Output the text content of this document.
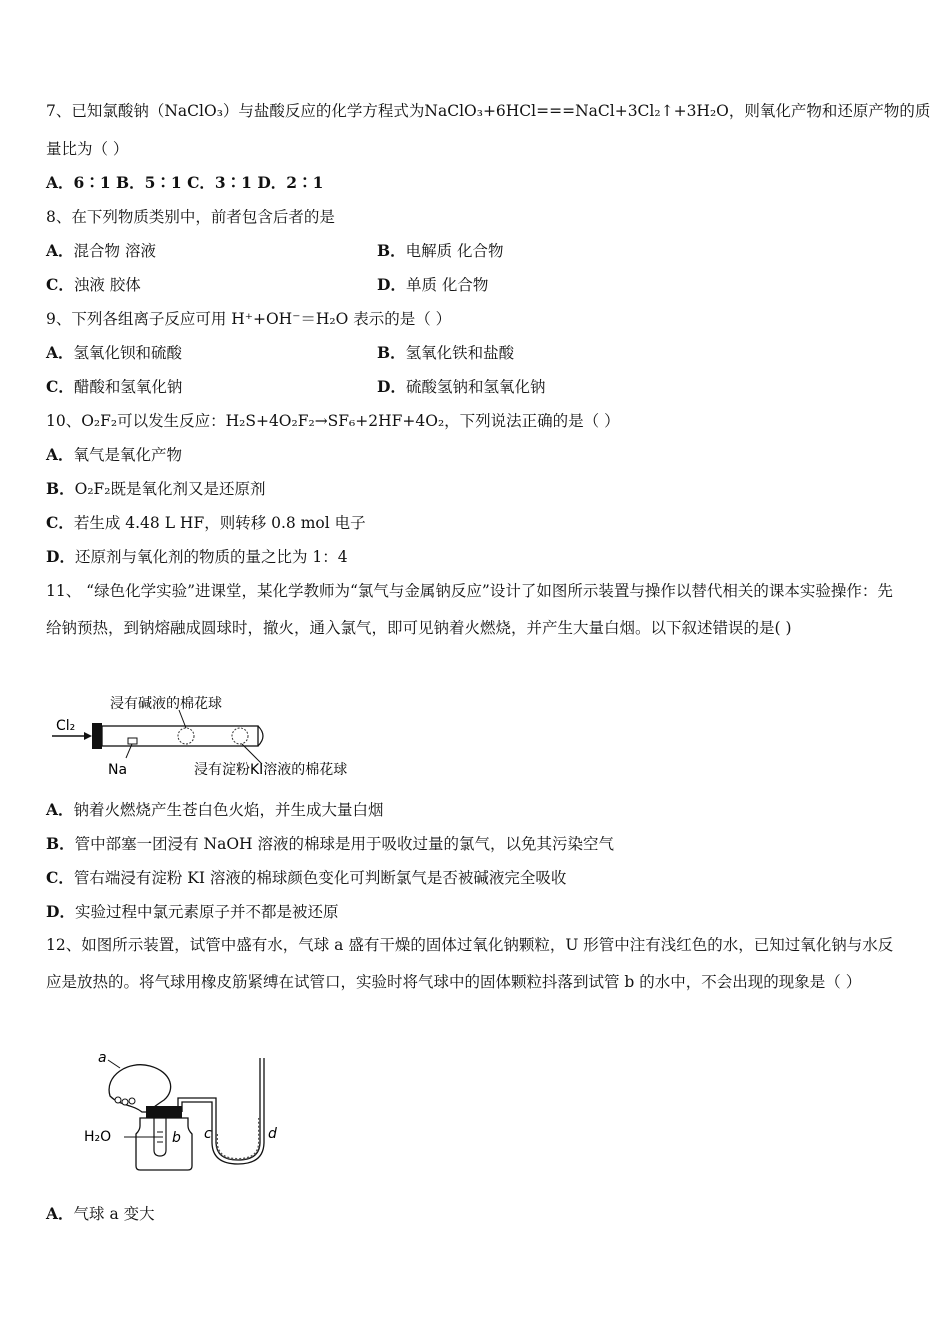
7、已知氯酸钠（NaClO₃）与盐酸反应的化学方程式为NaClO₃+6HCl===NaCl+3Cl₂↑+3H₂O，则氧化产物和还原产物的质
量比为（ ）
A．6∶1 B．5∶1 C．3∶1 D．2∶1
8、在下列物质类别中，前者包含后者的是
A．混合物 溶液	B．电解质 化合物
C．浊液 胶体	D．单质 化合物
9、下列各组离子反应可用 H⁺+OH⁻＝H₂O 表示的是（ ）
A．氢氧化钡和硫酸	B．氢氧化铁和盐酸
C．醋酸和氢氧化钠	D．硫酸氢钠和氢氧化钠
10、O₂F₂可以发生反应：H₂S+4O₂F₂→SF₆+2HF+4O₂，下列说法正确的是（ ）
A．氧气是氧化产物
B．O₂F₂既是氧化剂又是还原剂
C．若生成 4.48 L HF，则转移 0.8 mol 电子
D．还原剂与氧化剂的物质的量之比为 1：4
11、 “绿色化学实验”进课堂，某化学教师为“氯气与金属钠反应”设计了如图所示装置与操作以替代相关的课本实验操作：先给钠预热，到钠熔融成圆球时，撤火，通入氯气，即可见钠着火燃烧，并产生大量白烟。以下叙述错误的是( )
Cl₂
浸有碱液的棉花球
Na	浸有淀粉KI溶液的棉花球
A．钠着火燃烧产生苍白色火焰，并生成大量白烟
B．管中部塞一团浸有 NaOH 溶液的棉球是用于吸收过量的氯气，以免其污染空气
C．管右端浸有淀粉 KI 溶液的棉球颜色变化可判断氯气是否被碱液完全吸收
D．实验过程中氯元素原子并不都是被还原
12、如图所示装置，试管中盛有水，气球 a 盛有干燥的固体过氧化钠颗粒，U 形管中注有浅红色的水，已知过氧化钠与水反应是放热的。将气球用橡皮筋紧缚在试管口，实验时将气球中的固体颗粒抖落到试管 b 的水中，不会出现的现象是（ ）
a
H₂O	b c	d
A．气球 a 变大
